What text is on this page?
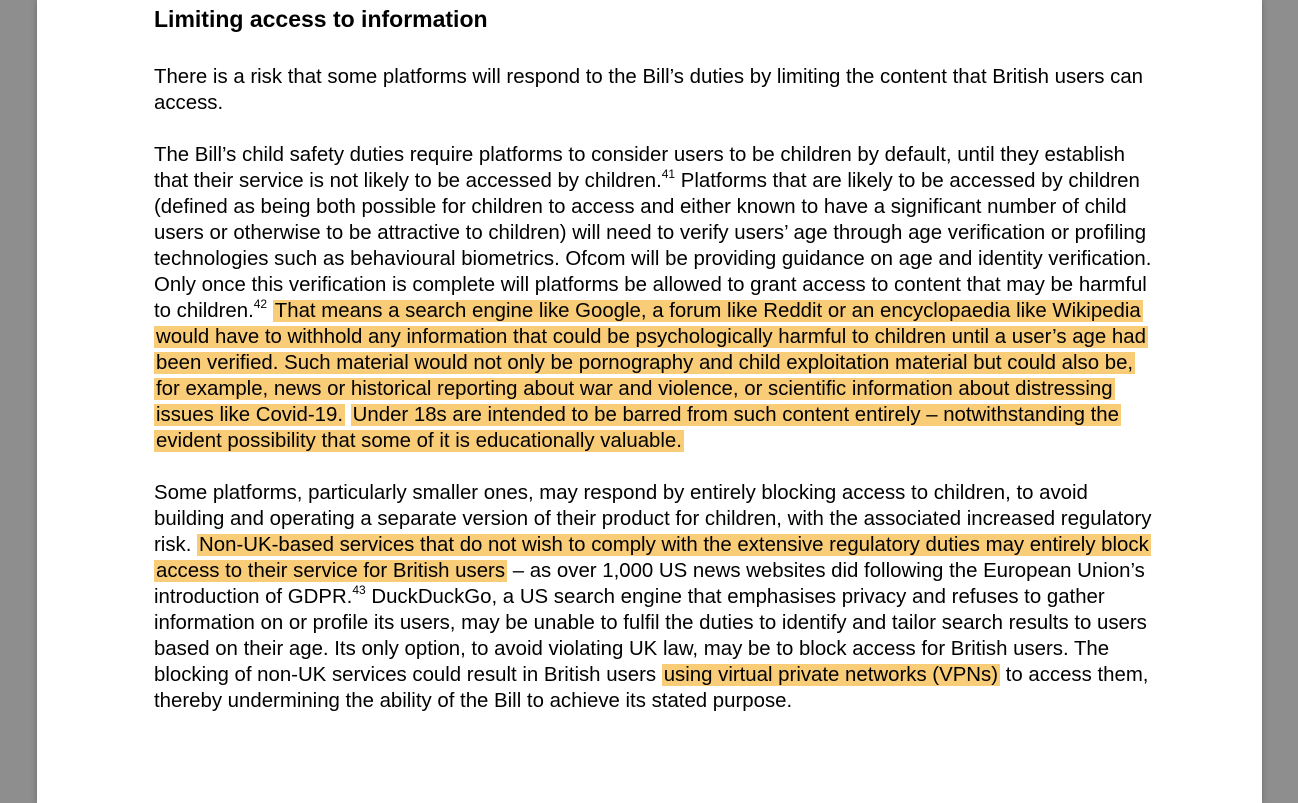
Limiting access to information

There is a risk that some platforms will respond to the Bill’s duties by limiting the content that British users can access.

The Bill’s child safety duties require platforms to consider users to be children by default, until they establish that their service is not likely to be accessed by children.$^{41}$ Platforms that are likely to be accessed by children (defined as being both possible for children to access and either known to have a significant number of child users or otherwise to be attractive to children) will need to verify users’ age through age verification or profiling technologies such as behavioural biometrics. Ofcom will be providing guidance on age and identity verification. Only once this verification is complete will platforms be allowed to grant access to content that may be harmful to children.$^{42}$ That means a search engine like Google, a forum like Reddit or an encyclopaedia like Wikipedia would have to withhold any information that could be psychologically harmful to children until a user’s age had been verified. Such material would not only be pornography and child exploitation material but could also be, for example, news or historical reporting about war and violence, or scientific information about distressing issues like Covid-19. Under 18s are intended to be barred from such content entirely – notwithstanding the evident possibility that some of it is educationally valuable.

Some platforms, particularly smaller ones, may respond by entirely blocking access to children, to avoid building and operating a separate version of their product for children, with the associated increased regulatory risk. Non-UK-based services that do not wish to comply with the extensive regulatory duties may entirely block access to their service for British users – as over 1,000 US news websites did following the European Union’s introduction of GDPR.$^{43}$ DuckDuckGo, a US search engine that emphasises privacy and refuses to gather information on or profile its users, may be unable to fulfil the duties to identify and tailor search results to users based on their age. Its only option, to avoid violating UK law, may be to block access for British users. The blocking of non-UK services could result in British users using virtual private networks (VPNs) to access them, thereby undermining the ability of the Bill to achieve its stated purpose.
